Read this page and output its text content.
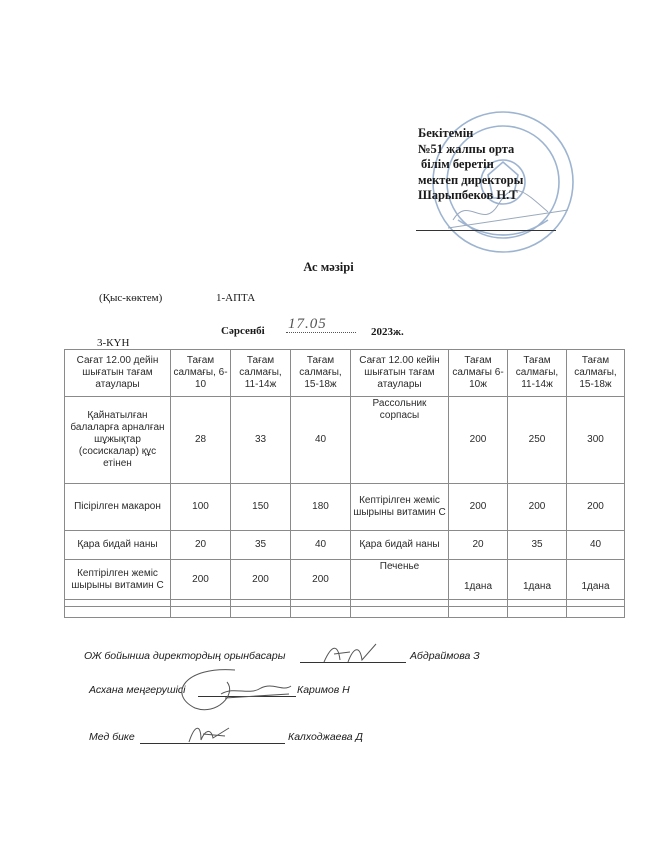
Бекітемін
№51 жалпы орта
білім беретін
мектеп директоры
Шарыпбеков Н.Т
Ас мәзірі
(Қыс-көктем)	1-АПТА
Сәрсенбі 17.05	2023ж.
3-КҮН
Сағат 12.00 дейін шығатын тағам атаулары	Тағам салмағы, 6-10	Тағам салмағы, 11-14ж	Тағам салмағы, 15-18ж	Сағат 12.00 кейін шығатын тағам атаулары	Тағам салмағы 6-10ж	Тағам салмағы, 11-14ж	Тағам салмағы, 15-18ж
Қайнатылған балаларға арналған шұжықтар (сосискалар) құс етінен	28	33	40	Рассольник сорпасы	200	250	300
Пісірілген макарон	100	150	180	Кептірілген жеміс шырыны витамин С	200	200	200
Қара бидай наны	20	35	40	Қара бидай наны	20	35	40
Кептірілген жеміс шырыны витамин С	200	200	200	Печенье	1дана	1дана	1дана

ОЖ бойынша директордың орынбасары	Абдраймова З
Асхана меңгерушісі	Каримов Н
Мед бике	Калходжаева Д
